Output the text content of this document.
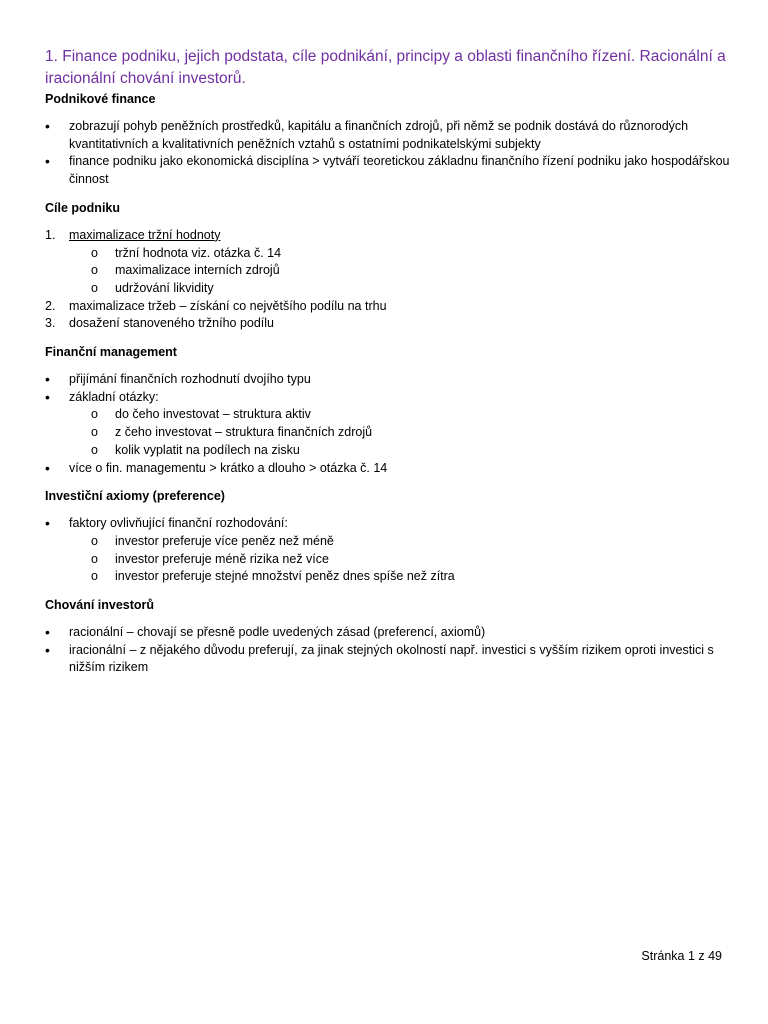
1. Finance podniku, jejich podstata, cíle podnikání, principy a oblasti finančního řízení. Racionální a iracionální chování investorů.

Podnikové finance

•
zobrazují pohyb peněžních prostředků, kapitálu a finančních zdrojů, při němž se podnik dostává do různorodých kvantitativních a kvalitativních peněžních vztahů s ostatními podnikatelskými subjekty
•
finance podniku jako ekonomická disciplína > vytváří teoretickou základnu finančního řízení podniku jako hospodářskou činnost

Cíle podniku

1.	maximalizace tržní hodnoty
o
tržní hodnota viz. otázka č. 14
o
maximalizace interních zdrojů
o
udržování likvidity
2.	maximalizace tržeb – získání co největšího podílu na trhu
3.	dosažení stanoveného tržního podílu

Finanční management

•
přijímání finančních rozhodnutí dvojího typu
•
základní otázky:
o
do čeho investovat – struktura aktiv
o
z čeho investovat – struktura finančních zdrojů
o
kolik vyplatit na podílech na zisku
•
více o fin. managementu > krátko a dlouho > otázka č. 14

Investiční axiomy (preference)

•
faktory ovlivňující finanční rozhodování:
o
investor preferuje více peněz než méně
o
investor preferuje méně rizika než více
o
investor preferuje stejné množství peněz dnes spíše než zítra

Chování investorů

•
racionální – chovají se přesně podle uvedených zásad (preferencí, axiomů)
•
iracionální – z nějakého důvodu preferují, za jinak stejných okolností např. investici s vyšším rizikem oproti investici s nižším rizikem
Stránka 1 z 49
